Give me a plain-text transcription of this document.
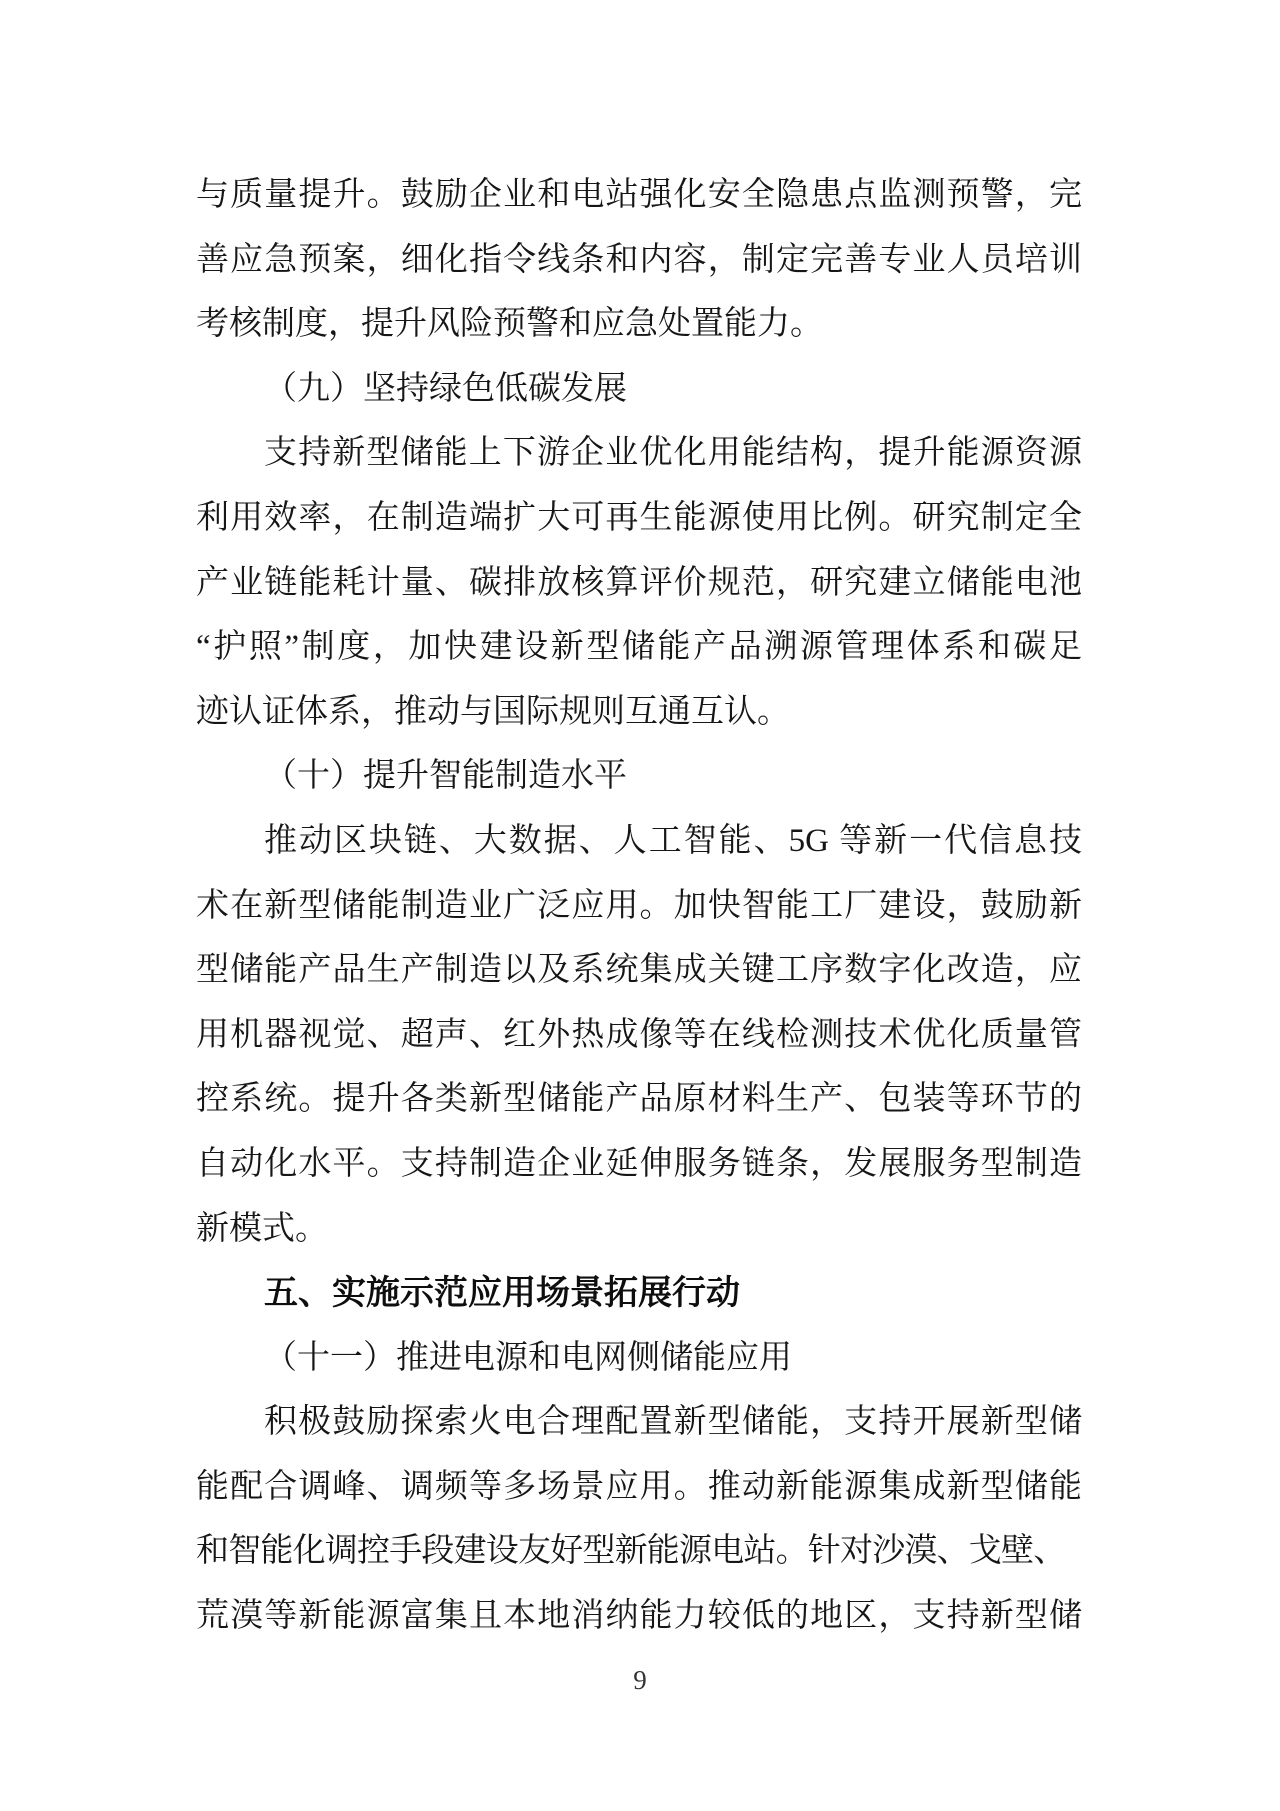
与质量提升。鼓励企业和电站强化安全隐患点监测预警，完
善应急预案，细化指令线条和内容，制定完善专业人员培训
考核制度，提升风险预警和应急处置能力。
（九）坚持绿色低碳发展
支持新型储能上下游企业优化用能结构，提升能源资源
利用效率，在制造端扩大可再生能源使用比例。研究制定全
产业链能耗计量、碳排放核算评价规范，研究建立储能电池
“护照”制度，加快建设新型储能产品溯源管理体系和碳足
迹认证体系，推动与国际规则互通互认。
（十）提升智能制造水平
推动区块链、大数据、人工智能、5G 等新一代信息技
术在新型储能制造业广泛应用。加快智能工厂建设，鼓励新
型储能产品生产制造以及系统集成关键工序数字化改造，应
用机器视觉、超声、红外热成像等在线检测技术优化质量管
控系统。提升各类新型储能产品原材料生产、包装等环节的
自动化水平。支持制造企业延伸服务链条，发展服务型制造
新模式。
五、实施示范应用场景拓展行动
（十一）推进电源和电网侧储能应用
积极鼓励探索火电合理配置新型储能，支持开展新型储
能配合调峰、调频等多场景应用。推动新能源集成新型储能
和智能化调控手段建设友好型新能源电站。针对沙漠、戈壁、
荒漠等新能源富集且本地消纳能力较低的地区，支持新型储
9
